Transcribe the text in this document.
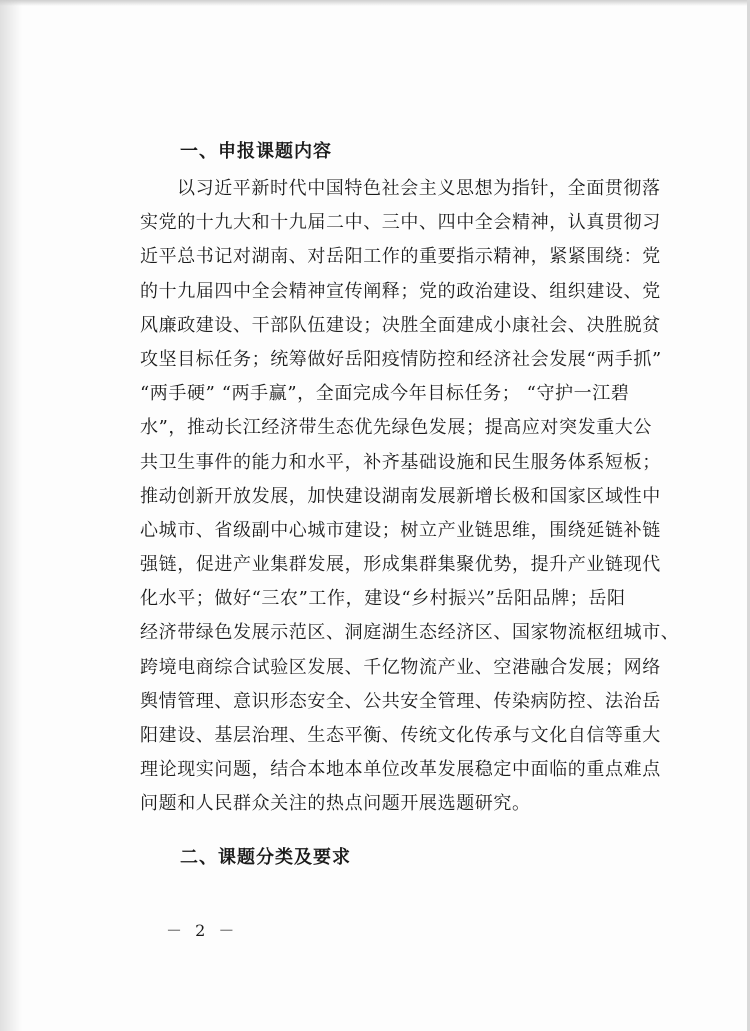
一、申报课题内容
以习近平新时代中国特色社会主义思想为指针，全面贯彻落
实党的十九大和十九届二中、三中、四中全会精神，认真贯彻习
近平总书记对湖南、对岳阳工作的重要指示精神，紧紧围绕：党
的十九届四中全会精神宣传阐释；党的政治建设、组织建设、党
风廉政建设、干部队伍建设；决胜全面建成小康社会、决胜脱贫
攻坚目标任务；统筹做好岳阳疫情防控和经济社会发展“两手抓”
“两手硬” “两手赢”，全面完成今年目标任务； “守护一江碧
水”，推动长江经济带生态优先绿色发展；提高应对突发重大公
共卫生事件的能力和水平，补齐基础设施和民生服务体系短板；
推动创新开放发展，加快建设湖南发展新增长极和国家区域性中
心城市、省级副中心城市建设；树立产业链思维，围绕延链补链
强链，促进产业集群发展，形成集群集聚优势，提升产业链现代
化水平；做好“三农”工作，建设“乡村振兴”岳阳品牌；岳阳
经济带绿色发展示范区、洞庭湖生态经济区、国家物流枢纽城市、
跨境电商综合试验区发展、千亿物流产业、空港融合发展；网络
舆情管理、意识形态安全、公共安全管理、传染病防控、法治岳
阳建设、基层治理、生态平衡、传统文化传承与文化自信等重大
理论现实问题，结合本地本单位改革发展稳定中面临的重点难点
问题和人民群众关注的热点问题开展选题研究。
二、课题分类及要求
－ 2 －
